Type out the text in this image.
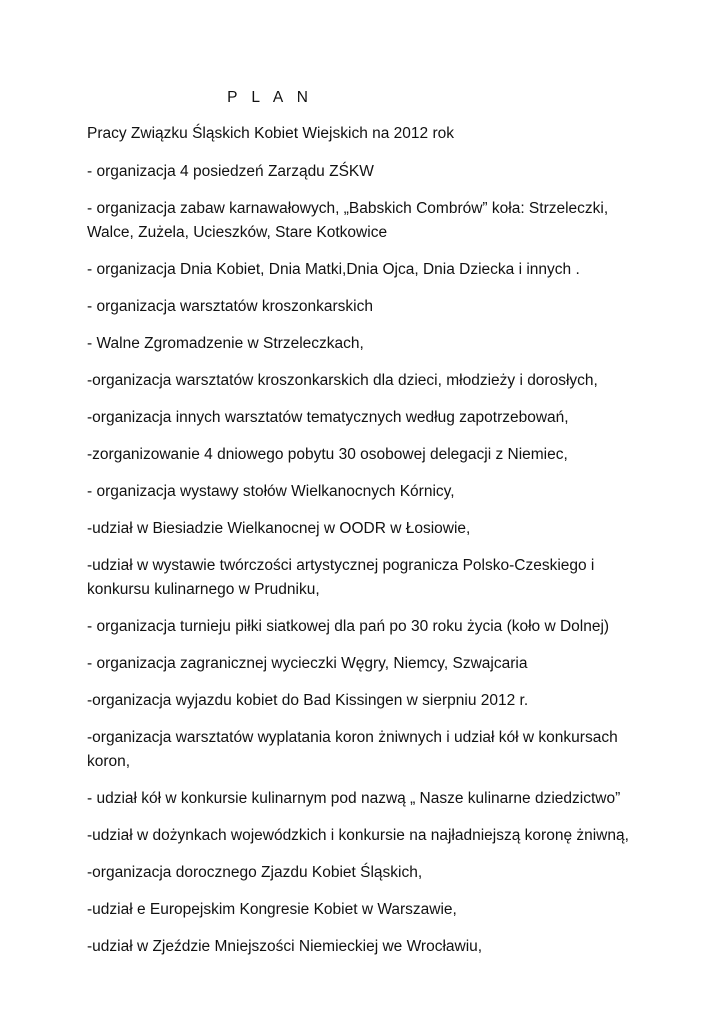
P L A N
Pracy Związku Śląskich Kobiet Wiejskich na 2012 rok
- organizacja 4 posiedzeń Zarządu ZŚKW
- organizacja zabaw karnawałowych, „Babskich Combrów” koła: Strzeleczki, Walce, Zużela, Ucieszków, Stare Kotkowice
- organizacja Dnia Kobiet, Dnia Matki,Dnia Ojca, Dnia Dziecka i innych .
- organizacja warsztatów kroszonkarskich
- Walne Zgromadzenie w Strzeleczkach,
-organizacja warsztatów kroszonkarskich dla dzieci, młodzieży i dorosłych,
-organizacja innych warsztatów tematycznych według zapotrzebowań,
-zorganizowanie 4 dniowego pobytu 30 osobowej delegacji z Niemiec,
- organizacja wystawy stołów Wielkanocnych Kórnicy,
-udział w Biesiadzie Wielkanocnej w OODR w Łosiowie,
-udział w wystawie twórczości artystycznej pogranicza Polsko-Czeskiego i konkursu kulinarnego w Prudniku,
- organizacja turnieju piłki siatkowej dla pań po 30 roku życia (koło w Dolnej)
- organizacja zagranicznej wycieczki Węgry, Niemcy, Szwajcaria
-organizacja wyjazdu kobiet do Bad Kissingen w sierpniu 2012 r.
-organizacja warsztatów wyplatania koron żniwnych i udział kół w konkursach koron,
- udział kół w konkursie kulinarnym pod nazwą „ Nasze kulinarne dziedzictwo”
-udział w dożynkach wojewódzkich i konkursie na najładniejszą koronę żniwną,
-organizacja dorocznego Zjazdu Kobiet Śląskich,
-udział e Europejskim Kongresie Kobiet w Warszawie,
-udział w Zjeździe Mniejszości Niemieckiej we Wrocławiu,
